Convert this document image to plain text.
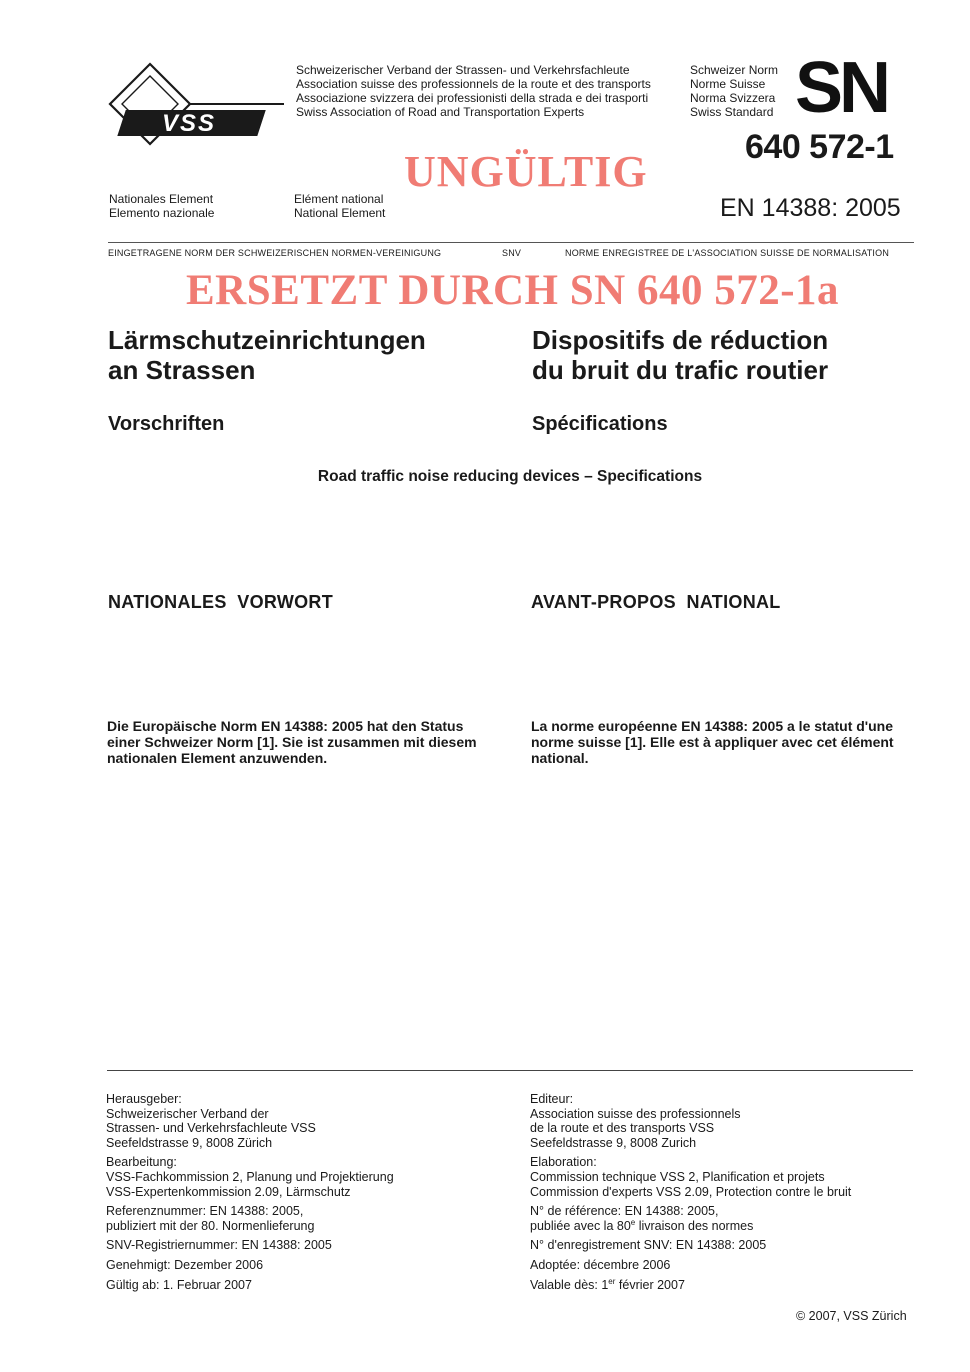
VSS
Schweizerischer Verband der Strassen- und Verkehrsfachleute
Association suisse des professionnels de la route et des transports
Associazione svizzera dei professionisti della strada e dei trasporti
Swiss Association of Road and Transportation Experts
Schweizer Norm
Norme Suisse
Norma Svizzera
Swiss Standard SN
640 572-1
UNGÜLTIG
Nationales Element
Elemento nazionale
Elément national
National Element	EN 14388: 2005
EINGETRAGENE NORM DER SCHWEIZERISCHEN NORMEN-VEREINIGUNG	SNV	NORME ENREGISTREE DE L'ASSOCIATION SUISSE DE NORMALISATION
ERSETZT DURCH SN 640 572-1a
Lärmschutzeinrichtungen
an Strassen
Dispositifs de réduction
du bruit du trafic routier
Vorschriften	Spécifications
Road traffic noise reducing devices – Specifications
NATIONALES  VORWORT	AVANT-PROPOS  NATIONAL
Die Europäische Norm EN 14388: 2005 hat den Status
einer Schweizer Norm [1]. Sie ist zusammen mit diesem
nationalen Element anzuwenden.
La norme européenne EN 14388: 2005 a le statut d'une
norme suisse [1]. Elle est à appliquer avec cet élément
national.

Herausgeber:

Schweizerischer Verband der

Strassen- und Verkehrsfachleute VSS

Seefeldstrasse 9, 8008 Zürich

Bearbeitung:

VSS-Fachkommission 2, Planung und Projektierung

VSS-Expertenkommission 2.09, Lärmschutz

Referenznummer: EN 14388: 2005,

publiziert mit der 80. Normenlieferung

SNV-Registriernummer: EN 14388: 2005

Genehmigt: Dezember 2006

Gültig ab: 1. Februar 2007

Editeur:

Association suisse des professionnels

de la route et des transports VSS

Seefeldstrasse 9, 8008 Zurich

Elaboration:

Commission technique VSS 2, Planification et projets

Commission d'experts VSS 2.09, Protection contre le bruit

N° de référence: EN 14388: 2005,

publiée avec la 80e livraison des normes

N° d'enregistrement SNV: EN 14388: 2005

Adoptée: décembre 2006

Valable dès: 1er février 2007

© 2007, VSS Zürich
